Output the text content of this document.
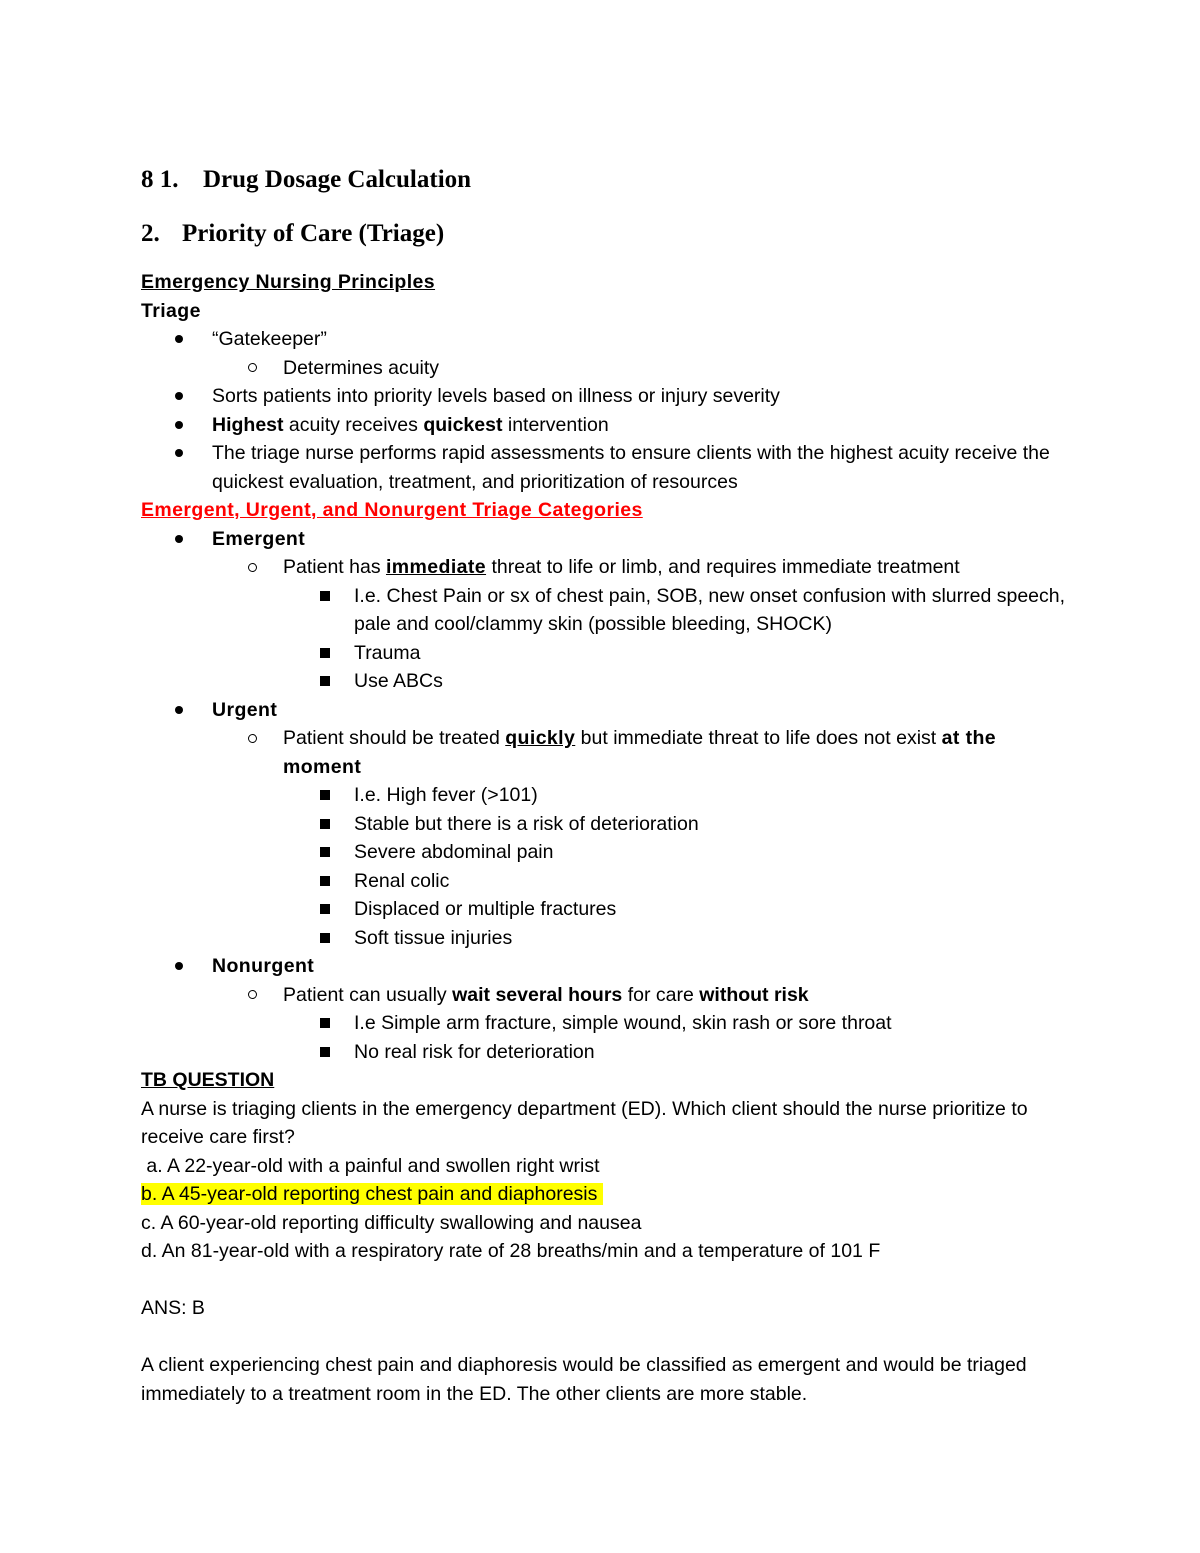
8 1. Drug Dosage Calculation
2. Priority of Care (Triage)
Emergency Nursing Principles
Triage
“Gatekeeper”
Determines acuity
Sorts patients into priority levels based on illness or injury severity
Highest acuity receives quickest intervention
The triage nurse performs rapid assessments to ensure clients with the highest acuity receive the quickest evaluation, treatment, and prioritization of resources
Emergent, Urgent, and Nonurgent Triage Categories
Emergent
Patient has immediate threat to life or limb, and requires immediate treatment
I.e. Chest Pain or sx of chest pain, SOB, new onset confusion with slurred speech, pale and cool/clammy skin (possible bleeding, SHOCK)
Trauma
Use ABCs
Urgent
Patient should be treated quickly but immediate threat to life does not exist at the moment
I.e. High fever (>101)
Stable but there is a risk of deterioration
Severe abdominal pain
Renal colic
Displaced or multiple fractures
Soft tissue injuries
Nonurgent
Patient can usually wait several hours for care without risk
I.e Simple arm fracture, simple wound, skin rash or sore throat
No real risk for deterioration
TB QUESTION
A nurse is triaging clients in the emergency department (ED). Which client should the nurse prioritize to receive care first?
a. A 22-year-old with a painful and swollen right wrist
b. A 45-year-old reporting chest pain and diaphoresis
c. A 60-year-old reporting difficulty swallowing and nausea
d. An 81-year-old with a respiratory rate of 28 breaths/min and a temperature of 101 F
ANS: B
A client experiencing chest pain and diaphoresis would be classified as emergent and would be triaged immediately to a treatment room in the ED. The other clients are more stable.
